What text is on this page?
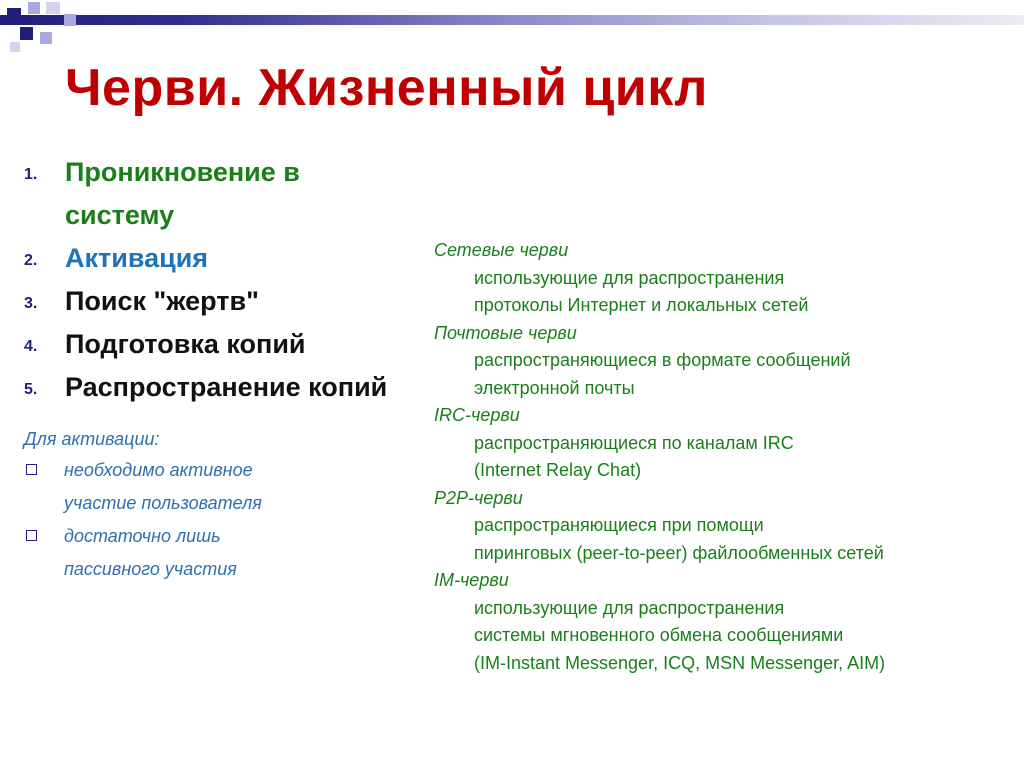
Черви. Жизненный цикл
1. Проникновение в
систему
2. Активация
3. Поиск "жертв"
4. Подготовка копий
5. Распространение копий
Для активации:
необходимо активное
участие пользователя
достаточно лишь
пассивного участия
Сетевые черви
использующие для распространения
протоколы Интернет и локальных сетей
Почтовые черви
распространяющиеся в формате сообщений
электронной почты
IRC-черви
распространяющиеся по каналам IRC
(Internet Relay Chat)
P2P-черви
распространяющиеся при помощи
пиринговых (peer-to-peer) файлообменных сетей
IM-черви
использующие для распространения
системы мгновенного обмена сообщениями
(IM-Instant Messenger, ICQ, MSN Messenger, AIM)
